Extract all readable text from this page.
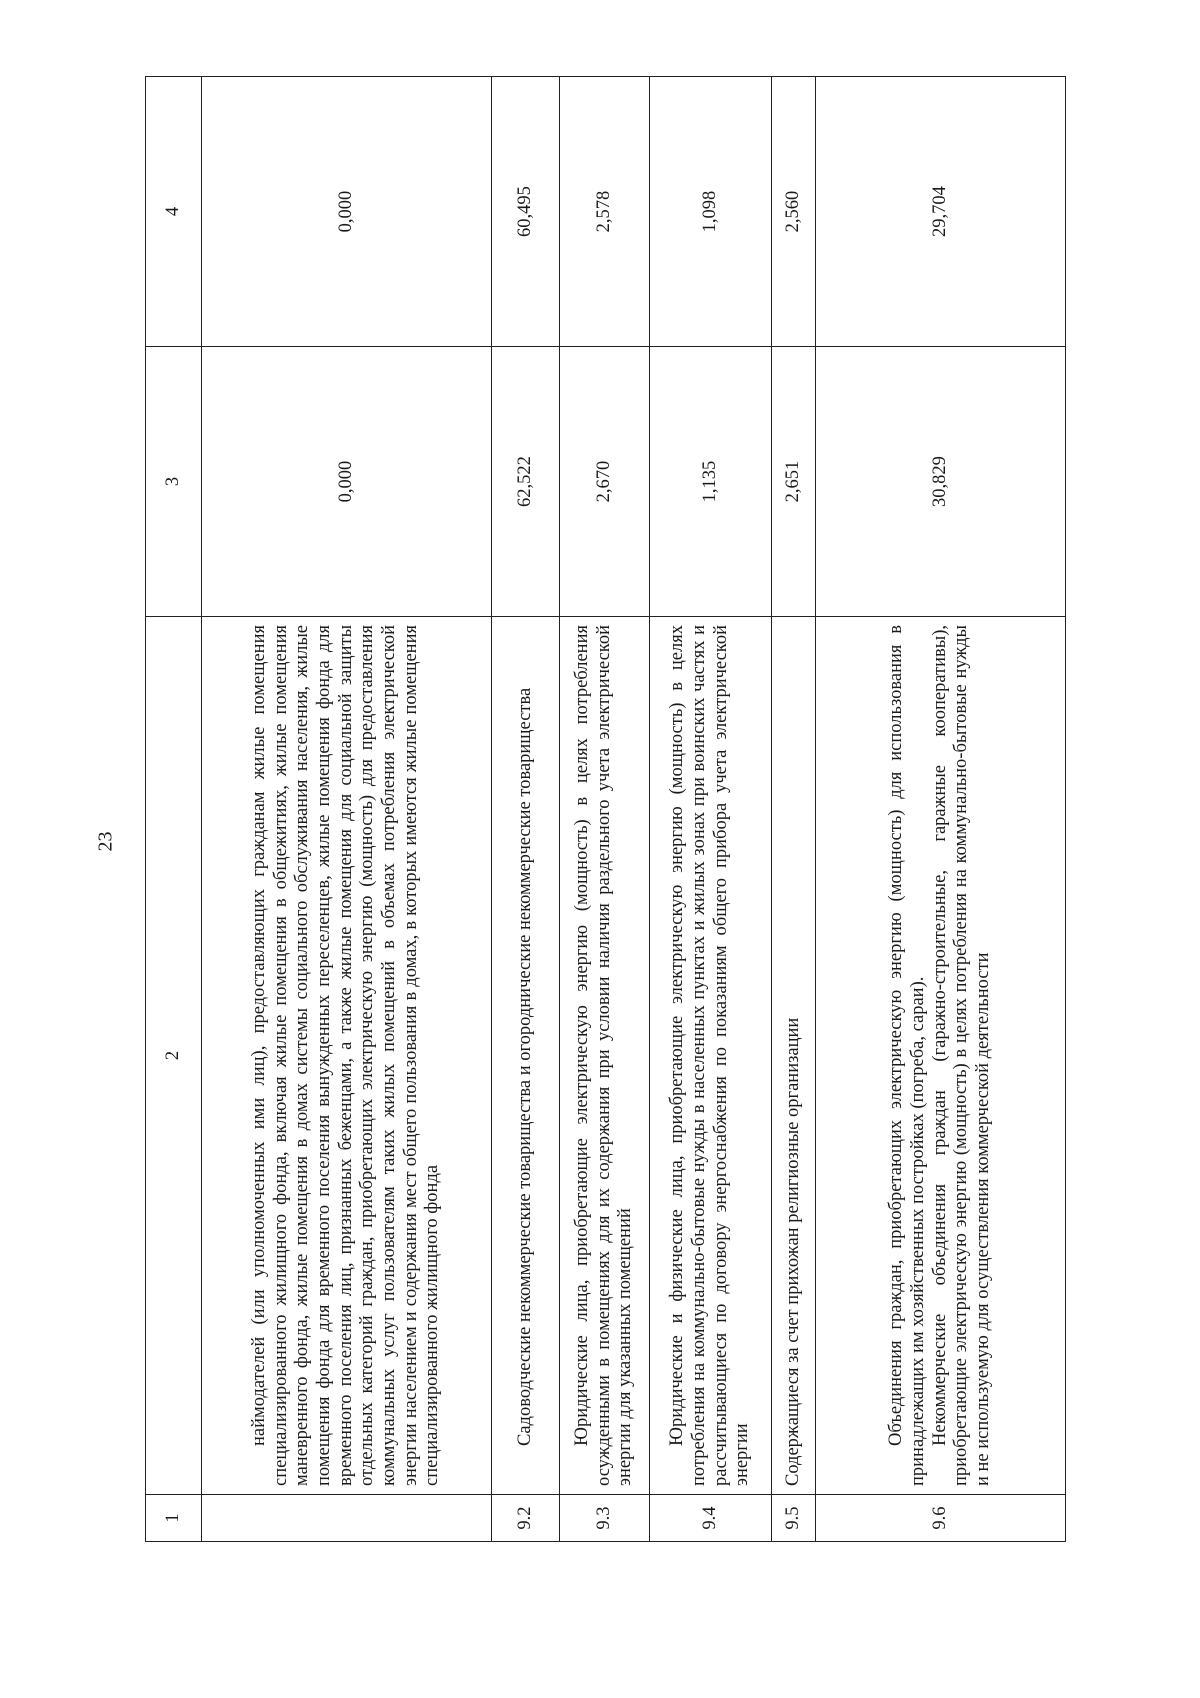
23
1	2	3	4

	наймодателей (или уполномоченных ими лиц), предоставляющих гражданам жилые помещения специализированного жилищного фонда, включая жилые помещения в общежитиях, жилые помещения маневренного фонда, жилые помещения в домах системы социального обслуживания населения, жилые помещения фонда для временного поселения вынужденных переселенцев, жилые помещения фонда для временного поселения лиц, признанных беженцами, а также жилые помещения для социальной защиты отдельных категорий граждан, приобретающих электрическую энергию (мощность) для предоставления коммунальных услуг пользователям таких жилых помещений в объемах потребления электрической энергии населением и содержания мест общего пользования в домах, в которых имеются жилые помещения специализированного жилищного фонда	0,000	0,000
9.2	Садоводческие некоммерческие товарищества и огороднические некоммерческие товарищества	62,522	60,495
9.3	Юридические лица, приобретающие электрическую энергию (мощность) в целях потребления осужденными в помещениях для их содержания при условии наличия раздельного учета электрической энергии для указанных помещений	2,670	2,578
9.4	Юридические и физические лица, приобретающие электрическую энергию (мощность) в целях потребления на коммунально-бытовые нужды в населенных пунктах и жилых зонах при воинских частях и рассчитывающиеся по договору энергоснабжения по показаниям общего прибора учета электрической энергии	1,135	1,098
9.5	Содержащиеся за счет прихожан религиозные организации	2,651	2,560
9.6	Объединения граждан, приобретающих электрическую энергию (мощность) для использования в принадлежащих им хозяйственных постройках (погреба, сараи). Некоммерческие объединения граждан (гаражно-строительные, гаражные кооперативы), приобретающие электрическую энергию (мощность) в целях потребления на коммунально-бытовые нужды и не используемую для осуществления коммерческой деятельности	30,829	29,704
